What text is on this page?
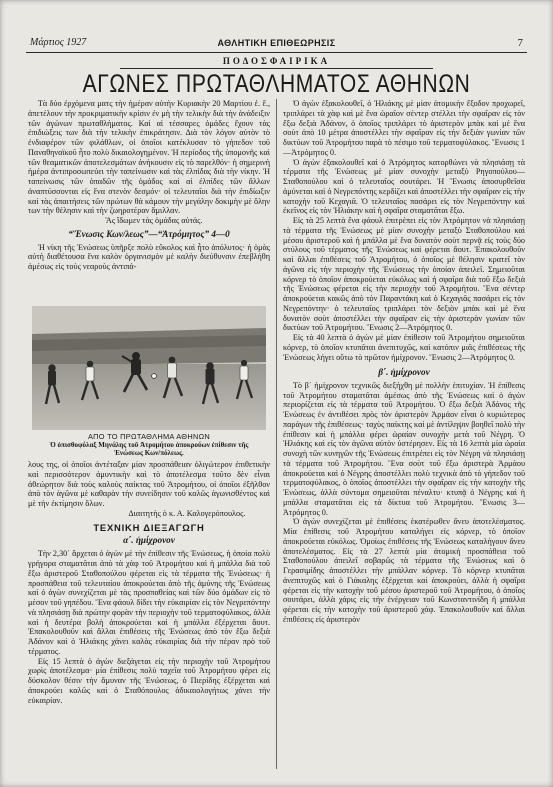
Μάρτιος 1927	ΑΘΛΗΤΙΚΗ ΕΠΙΘΕΩΡΗΣΙΣ	7
ΠΟΔΟΣΦΑΙΡΙΚΑ
ΑΓΩΝΕΣ ΠΡΩΤΑΘΛΗΜΑΤΟΣ ΑΘΗΝΩΝ

Τὰ δύο ἐρχόμενα ματς τὴν ἡμέραν αὐτὴν Κυριακὴν 20 Μαρτίου ἐ. ἔ., ἀπετέλουν τὴν προκριματικὴν κρίσιν ἐν μὴ τὴν τελικὴν διὰ τὴν ἀνάδειξιν τῶν ἀγώνων πρωταθλήματος. Καὶ αἱ τέσσαρες ὁμάδες ἔχουν τὰς ἐπιδιώξεις των διὰ τὴν τελικὴν ἐπικράτησιν. Διὰ τὸν λόγον αὐτὸν τὸ ἐνδιαφέρον τῶν φιλάθλων, οἱ ὁποῖοι κατέκλυσαν τὸ γήπεδον τοῦ Παναθηναϊκοῦ ἦτο πολὺ δικαιολογημένον. Ἡ περίοδος τῆς ὑπομονῆς καὶ τῶν θεαματικῶν ἀποτελεσμάτων ἀνήκουσιν εἰς τὸ παρελθόν· ἡ σημερινὴ ἡμέρα ἀντιπροσωπεύει τὴν ταπείνωσιν καὶ τὰς ἐλπίδας διὰ τὴν νίκην. Ἡ ταπείνωσις τῶν ὁπαδῶν τῆς ὁμάδος καὶ αἱ ἐλπίδες τῶν ἄλλων ἀναπτύσσονται εἰς ἕνα στενὸν δεσμόν· οἱ τελευταῖοι διὰ τὴν ἐπιδίωξιν καὶ τὰς ἀπαιτήσεις τῶν πρώτων θὰ κάμουν τὴν μεγάλην δοκιμὴν μὲ ὅλην των τὴν θέλησιν καὶ τὴν ζωηροτέραν ἅμιλλαν.

Ἂς ἴδωμεν τὰς ὁμάδας αὐτάς.

“Ἕνωσις Κων/λεως”—“Ἀτρόμητος” 4—0

Ἡ νίκη τῆς Ἑνώσεως ὑπῆρξε πολὺ εὔκολος καὶ ἦτο ἀπόλυτος· ἡ ὁμὰς αὐτὴ διαθέτουσα ἕνα καλὸν ὀργανισμὸν μὲ καλὴν διεύθυνσιν ἐπεβλήθη ἀμέσως εἰς τοὺς νεαροὺς ἀντιπά-

ΑΠΟ ΤΟ ΠΡΩΤΑΘΛΗΜΑ ΑΘΗΝΩΝ
Ὁ ὁπισθοφύλαξ Μηνάλης τοῦ Ἀτρομήτου ἀποκρούων ἐπίθεσιν τῆς Ἑνώσεως Κων/πόλεως.

λους της, οἱ ὁποῖοι ἀντέταξαν μίαν προσπάθειαν ὀλιγώτερον ἐπιθετικὴν καὶ περισσότερον ἀμυντικὴν καὶ τὸ ἀποτέλεσμα τοῦτο δὲν εἶναι ἀθεώρητον διὰ τοὺς καλοὺς παίκτας τοῦ Ἀτρομήτου, οἱ ὁποῖοι ἐξῆλθον ἀπὸ τὸν ἀγῶνα μὲ καθαρὰν τὴν συνείδησιν τοῦ καλῶς ἀγωνισθέντος καὶ μὲ τὴν ἐκτίμησιν ὅλων.

Διαιτητὴς ὁ κ. Α. Καλογερόπουλος.

ΤΕΧΝΙΚΗ ΔΙΕΞΑΓΩΓΗ
α΄. ἡμίχρονον

Τὴν 2,30΄ ἄρχεται ὁ ἀγὼν μὲ τὴν ἐπίθεσιν τῆς Ἑνώσεως, ἡ ὁποία πολὺ γρήγορα σταματᾶται ἀπὸ τὰ χὰφ τοῦ Ἀτρομήτου καὶ ἡ μπάλλα διὰ τοῦ ἔξω ἀριστεροῦ Σταθοπούλου φέρεται εἰς τὰ τέρματα τῆς Ἑνώσεως· ἡ προσπάθεια τοῦ τελευταίου ἀποκρούεται ἀπὸ τῆς ἀμύνης τῆς Ἑνώσεως καὶ ὁ ἀγὼν συνεχίζεται μὲ τὰς προσπαθείας καὶ τῶν δύο ὁμάδων εἰς τὸ μέσον τοῦ γηπέδου. Ἕνα φάουλ δίδει τὴν εὐκαιρίαν εἰς τὸν Νεγρεπόντην νὰ πλησιάσῃ διὰ πρώτην φορὰν τὴν περιοχὴν τοῦ τερματοφύλακος, ἀλλὰ καὶ ἡ δευτέρα βολὴ ἀποκρούεται καὶ ἡ μπάλλα ἐξέρχεται ἄουτ. Ἐπακολουθοῦν καὶ ἄλλαι ἐπιθέσεις τῆς Ἑνώσεως ἀπὸ τὸν ἔξω δεξιὰ Ἀδάνον καὶ ὁ Ἠλιάκης χάνει καλὰς εὐκαιρίας διὰ τὴν πέραν πρὸ τοῦ τέρματος.

Εἰς 15 λεπτὰ ὁ ἀγὼν διεξάγεται εἰς τὴν περιοχὴν τοῦ Ἀτρομήτου χωρὶς ἀποτέλεσμα· μία ἐπίθεσις πολὺ ταχεῖα τοῦ Ἀτρομήτου φέρει εἰς δύσκολον θέσιν τὴν ἄμυναν τῆς Ἑνώσεως, ὁ Πιερίδης ἐξέρχεται καὶ ἀποκρούει καλῶς καὶ ὁ Σταθόπουλος ἀδικαιολογήτως χάνει τὴν εὐκαιρίαν.

Ὁ ἀγὼν ἐξακολουθεῖ, ὁ Ἠλιάκης μὲ μίαν ἀτομικὴν ἔξοδον προχωρεῖ, τριπλάρει τὰ χὰφ καὶ μὲ ἕνα ὡραῖον σέντερ στέλλει τὴν σφαῖραν εἰς τὸν ἔξω δεξιὰ Ἀδάνον, ὁ ὁποῖος τριπλάρει τὸ ἀριστερὸν μπὰκ καὶ μὲ ἕνα σοὺτ ἀπὸ 10 μέτρα ἀποστέλλει τὴν σφαῖραν εἰς τὴν δεξιὰν γωνίαν τῶν δικτύων τοῦ Ἀτρομήτου παρὰ τὸ πέσιμο τοῦ τερματοφύλακος. Ἕνωσις 1—Ἀτρόμητος 0.

Ὁ ἀγὼν ἐξακολουθεῖ καὶ ὁ Ἀτρόμητος κατορθώνει νὰ πλησιάσῃ τὰ τέρματα τῆς Ἑνώσεως μὲ μίαν συνοχὴν μεταξὺ Ρηγοπούλου—Σταθοπούλου καὶ ὁ τελευταῖος σουτάρει. Ἡ Ἕνωσις ἀποσυρθεῖσα ἀμύνεται καὶ ὁ Νεγρεπόντης κερδίζει καὶ ἀποστέλλει τὴν σφαῖραν εἰς τὴν κατοχὴν τοῦ Κεχαγιᾶ. Ὁ τελευταῖος πασάρει εἰς τὸν Νεγρεπόντην καὶ ἐκεῖνος εἰς τὸν Ἠλιάκην καὶ ἡ σφαῖρα σταματᾶται ἔξω.

Εἰς τὰ 25 λεπτὰ ἕνα φάουλ ἐπιτρέπει εἰς τὸν Ἀτρόμητον νὰ πλησιάσῃ τὰ τέρματα τῆς Ἑνώσεως μὲ μίαν συνοχὴν μεταξὺ Σταθοπούλου καὶ μέσου ἀριστεροῦ καὶ ἡ μπάλλα μὲ ἕνα δυνατὸν σοὺτ περνᾷ εἰς τοὺς δύο στύλους τοῦ τέρματος τῆς Ἑνώσεως καὶ φέρεται ἄουτ. Ἐπακολουθοῦν καὶ ἄλλαι ἐπιθέσεις τοῦ Ἀτρομήτου, ὁ ὁποῖος μὲ θέλησιν κρατεῖ τὸν ἀγῶνα εἰς τὴν περιοχὴν τῆς Ἑνώσεως τὴν ὁποίαν ἀπειλεῖ. Σημειοῦται κόρνερ τὸ ὁποῖον ἀποκρούεται εὐκόλως καὶ ἡ σφαῖρα διὰ τοῦ ἔξω δεξιὰ τῆς Ἑνώσεως φέρεται εἰς τὴν περιοχὴν τοῦ Ἀτρομήτου. Ἕνα σέντερ ἀποκρούεται κακῶς ἀπὸ τὸν Παραντάκη καὶ ὁ Κεχαγιᾶς πασάρει εἰς τὸν Νεγρεπόντην· ὁ τελευταῖος τριπλάρει τὸν δεξιὸν μπὰκ καὶ μὲ ἕνα δυνατὸν σοὺτ ἀποστέλλει τὴν σφαῖραν εἰς τὴν ἀριστερὰν γωνίαν τῶν δικτύων τοῦ Ἀτρομήτου. Ἕνωσις 2—Ἀτρόμητος 0.

Εἰς τὰ 40 λεπτὰ ὁ ἀγὼν μὲ μίαν ἐπίθεσιν τοῦ Ἀτρομήτου σημειοῦται κόρνερ, τὸ ὁποῖον κτυπᾶται ἀνεπιτυχῶς, καὶ κατόπιν μιᾶς ἐπιθέσεως τῆς Ἑνώσεως λήγει οὕτω τὸ πρῶτον ἡμίχρονον. Ἕνωσις 2—Ἀτρόμητος 0.

β΄. ἡμίχρονον

Τὸ β΄ ἡμίχρονον τεχνικῶς διεξήχθη μὲ πολλὴν ἐπιτυχίαν. Ἡ ἐπίθεσις τοῦ Ἀτρομήτου σταματᾶται ἀμέσως ἀπὸ τῆς Ἑνώσεως καὶ ὁ ἀγὼν περιορίζεται εἰς τὰ τέρματα τοῦ Ἀτρομήτου. Ὁ ἔξω δεξιὰ Ἀδάνος τῆς Ἑνώσεως ἐν ἀντιθέσει πρὸς τὸν ἀριστερὸν Ἀρμάον εἶναι ὁ κυριώτερος παράγων τῆς ἐπιθέσεως· ταχὺς παίκτης καὶ μὲ ἀντίληψιν βοηθεῖ πολὺ τὴν ἐπίθεσιν καὶ ἡ μπάλλα φέρει ὡραίαν συνοχὴν μετὰ τοῦ Νέγρη. Ὁ Ἠλιάκης καὶ εἰς τὸν ἀγῶνα αὐτὸν ὑστέρησεν. Εἰς τὰ 16 λεπτὰ μία ὡραία συνοχὴ τῶν κυνηγῶν τῆς Ἑνώσεως ἐπιτρέπει εἰς τὸν Νέγρη νὰ πλησιάσῃ τὰ τέρματα τοῦ Ἀτρομήτου. Ἕνα σοὺτ τοῦ ἔξω ἀριστερὰ Ἀρμάου ἀποκρούεται καὶ ὁ Νέγρης ἀποστέλλει πολὺ τεχνικὰ ἀπὸ τὸ γήπεδον τοῦ τερματοφύλακος, ὁ ὁποῖος ἀποστέλλει τὴν σφαῖραν εἰς τὴν κατοχὴν τῆς Ἑνώσεως, ἀλλὰ σύντομα σημειοῦται πέναλτυ· κτυπᾷ ὁ Νέγρης καὶ ἡ μπάλλα σταματᾶται εἰς τὰ δίκτυα τοῦ Ἀτρομήτου. Ἕνωσις 3—Ἀτρόμητος 0.

Ὁ ἀγὼν συνεχίζεται μὲ ἐπιθέσεις ἑκατέρωθεν ἄνευ ἀποτελέσματος. Μία ἐπίθεσις τοῦ Ἀτρομήτου καταλήγει εἰς κόρνερ, τὸ ὁποῖον ἀποκρούεται εὐκόλως. Ὁμοίως ἐπιθέσεις τῆς Ἑνώσεως καταλήγουν ἄνευ ἀποτελέσματος. Εἰς τὰ 27 λεπτὰ μία ἀτομικὴ προσπάθεια τοῦ Σταθοπούλου ἀπειλεῖ σοβαρῶς τὰ τέρματα τῆς Ἑνώσεως καὶ ὁ Γερασιμίδης ἀποστέλλει τὴν μπάλλαν κόρνερ. Τὸ κόρνερ κτυπᾶται ἀνεπιτυχῶς καὶ ὁ Γιάκαλης ἐξέρχεται καὶ ἀποκρούει, ἀλλὰ ἡ σφαῖρα φέρεται εἰς τὴν κατοχὴν τοῦ μέσου ἀριστεροῦ τοῦ Ἀτρομήτου, ὁ ὁποῖος σουτάρει, ἀλλὰ χάρις εἰς τὴν ἐνέργειαν τοῦ Κωνσταντινίδη ἡ μπάλλα φέρεται εἰς τὴν κατοχὴν τοῦ ἀριστεροῦ χάφ. Ἐπακολουθοῦν καὶ ἄλλαι ἐπιθέσεις εἰς ἀριστερὸν
